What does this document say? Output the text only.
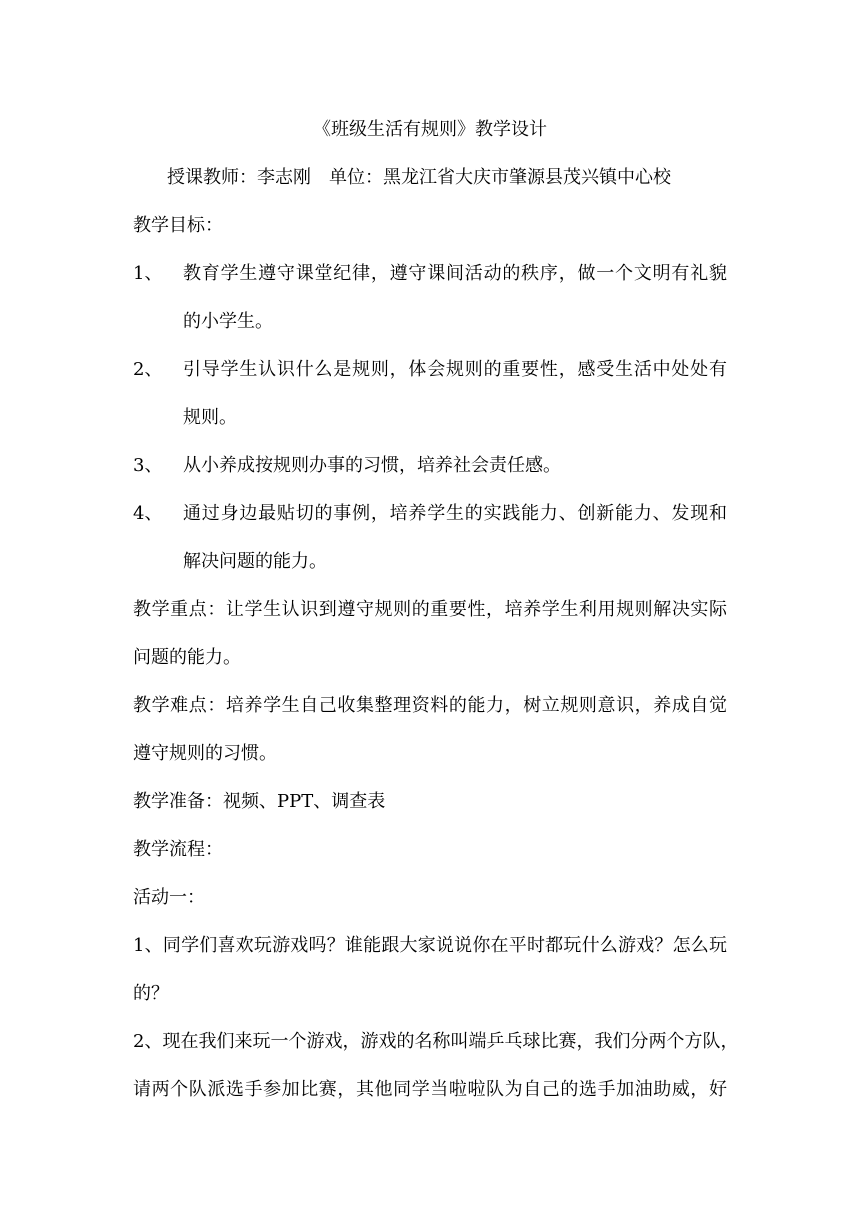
《班级生活有规则》教学设计
授课教师：李志刚　单位：黑龙江省大庆市肇源县茂兴镇中心校
教学目标：
1、 教育学生遵守课堂纪律，遵守课间活动的秩序，做一个文明有礼貌
的小学生。
2、 引导学生认识什么是规则，体会规则的重要性，感受生活中处处有
规则。
3、 从小养成按规则办事的习惯，培养社会责任感。
4、 通过身边最贴切的事例，培养学生的实践能力、创新能力、发现和
解决问题的能力。
教学重点：让学生认识到遵守规则的重要性，培养学生利用规则解决实际
问题的能力。
教学难点：培养学生自己收集整理资料的能力，树立规则意识，养成自觉
遵守规则的习惯。
教学准备：视频、PPT、调查表
教学流程：
活动一：
1、同学们喜欢玩游戏吗？谁能跟大家说说你在平时都玩什么游戏？怎么玩
的？
2、现在我们来玩一个游戏，游戏的名称叫端乒乓球比赛，我们分两个方队，
请两个队派选手参加比赛，其他同学当啦啦队为自己的选手加油助威，好
